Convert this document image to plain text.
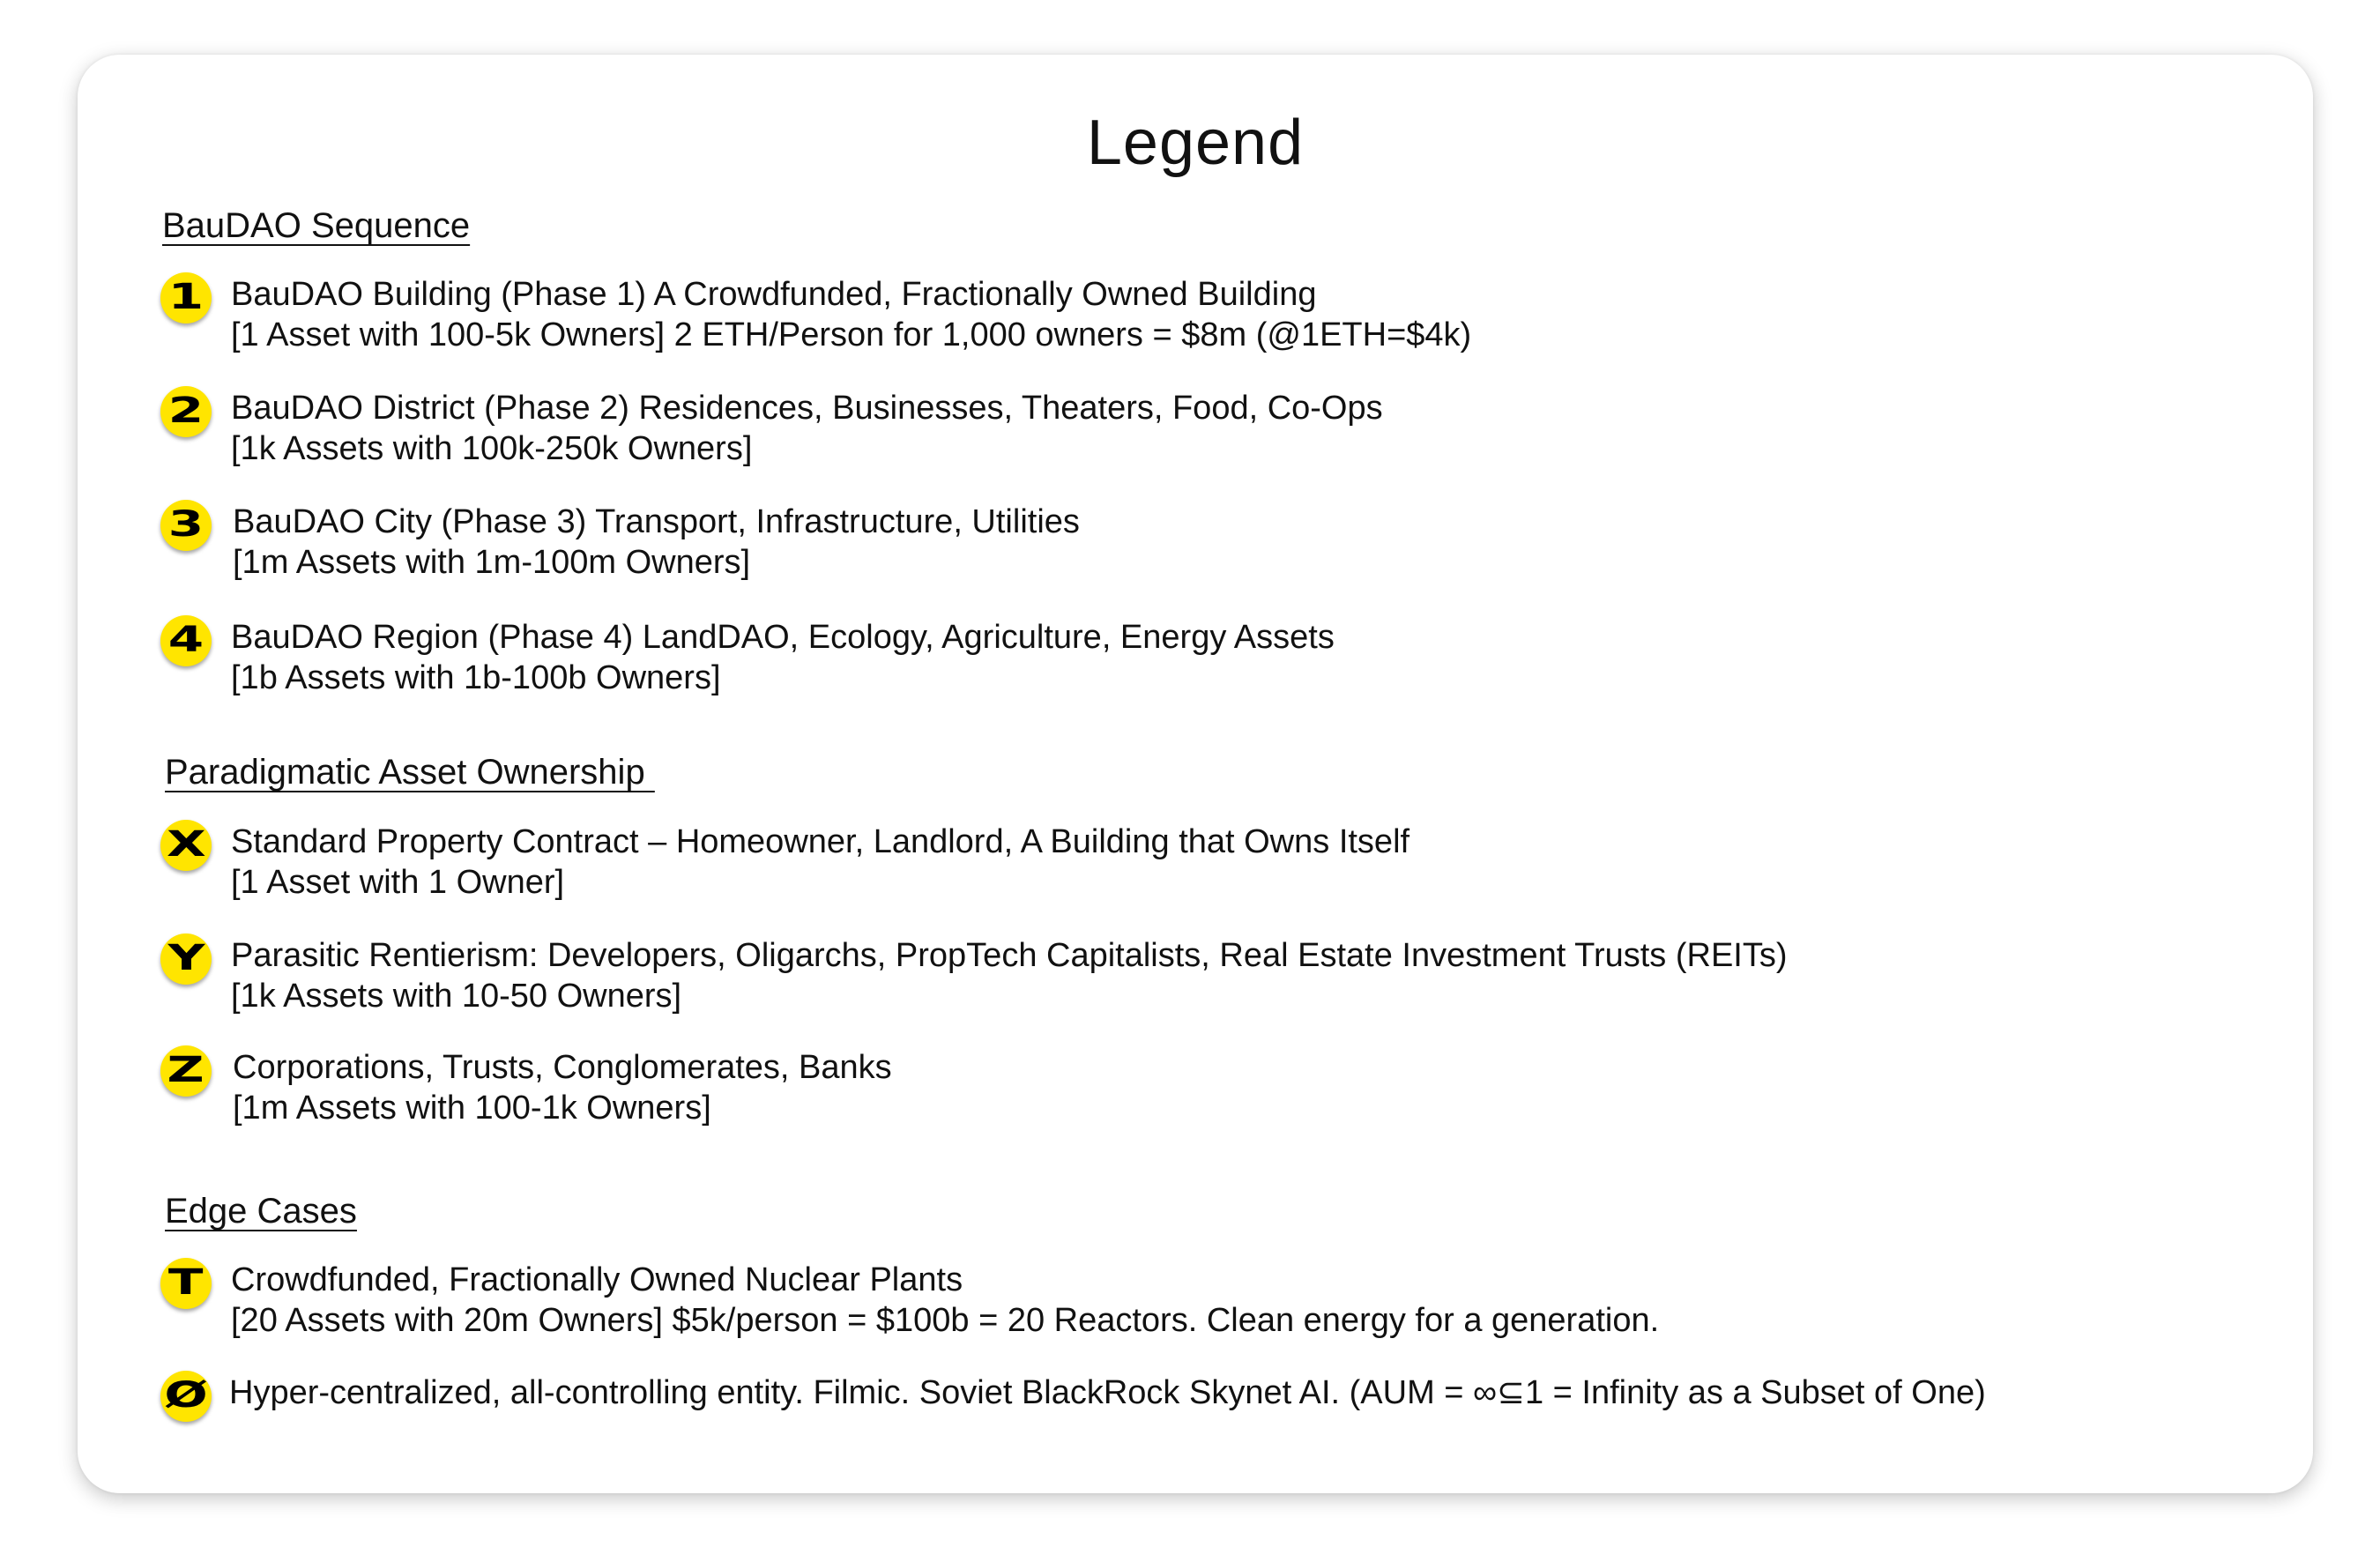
Legend
BauDAO Sequence
1 BauDAO Building (Phase 1) A Crowdfunded, Fractionally Owned Building
[1 Asset with 100-5k Owners] 2 ETH/Person for 1,000 owners = $8m (@1ETH=$4k)
2 BauDAO District (Phase 2) Residences, Businesses, Theaters, Food, Co-Ops
[1k Assets with 100k-250k Owners]
3 BauDAO City (Phase 3) Transport, Infrastructure, Utilities
[1m Assets with 1m-100m Owners]
4 BauDAO Region (Phase 4) LandDAO, Ecology, Agriculture, Energy Assets
[1b Assets with 1b-100b Owners]
Paradigmatic Asset Ownership
X Standard Property Contract – Homeowner, Landlord, A Building that Owns Itself
[1 Asset with 1 Owner]
Y Parasitic Rentierism: Developers, Oligarchs, PropTech Capitalists, Real Estate Investment Trusts (REITs)
[1k Assets with 10-50 Owners]
Z Corporations, Trusts, Conglomerates, Banks
[1m Assets with 100-1k Owners]
Edge Cases
T Crowdfunded, Fractionally Owned Nuclear Plants
[20 Assets with 20m Owners] $5k/person = $100b = 20 Reactors. Clean energy for a generation.
Ø Hyper-centralized, all-controlling entity. Filmic. Soviet BlackRock Skynet AI. (AUM = ∞⊆1 = Infinity as a Subset of One)
